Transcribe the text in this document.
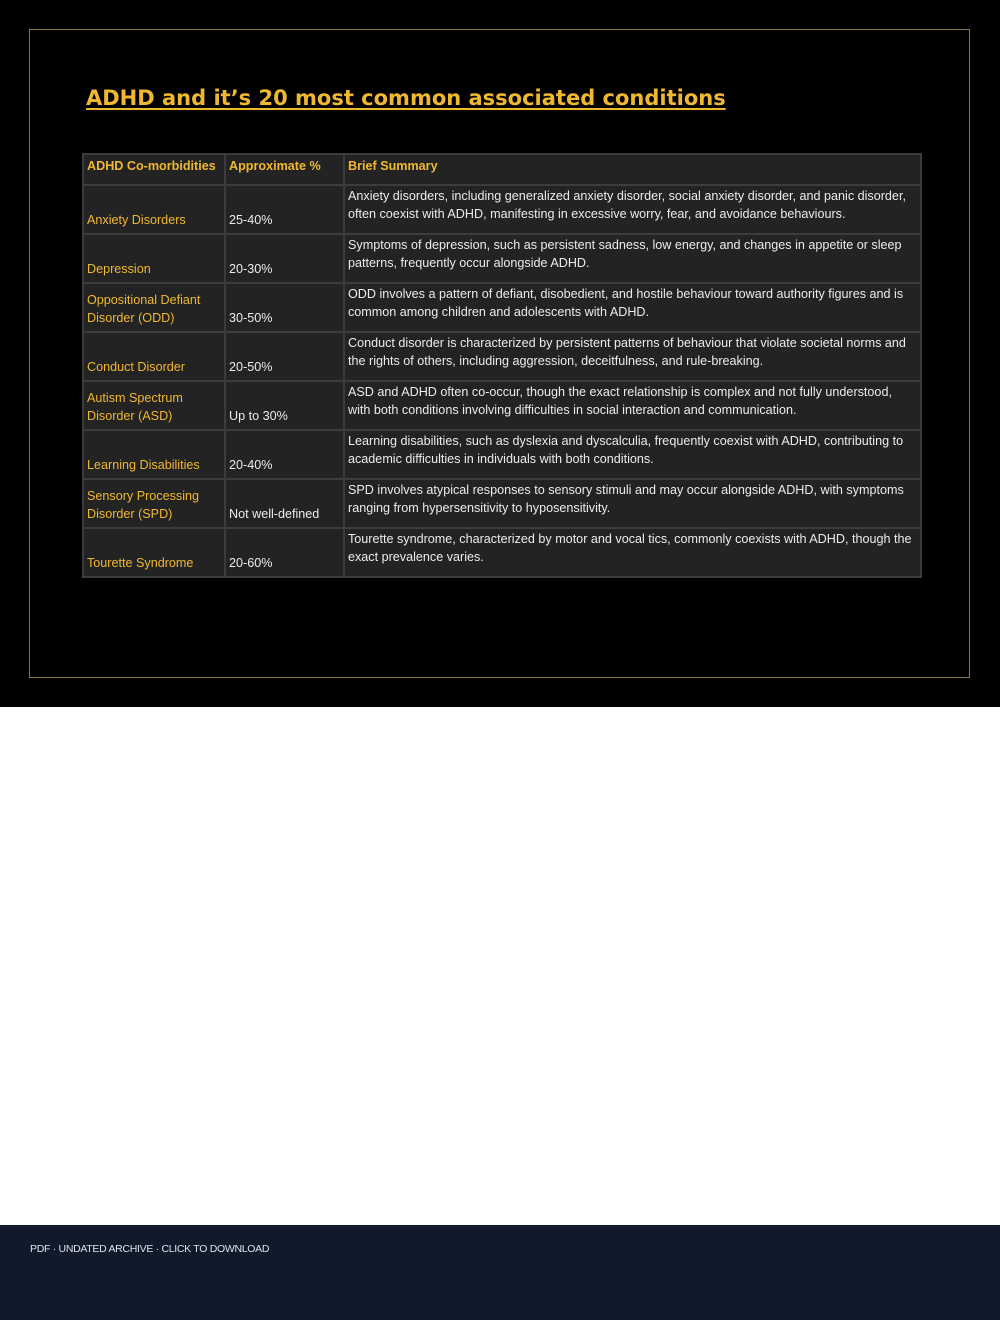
ADHD and it’s 20 most common associated conditions
ADHD Co-morbidities	Approximate %	Brief Summary
Anxiety Disorders	25-40%	Anxiety disorders, including generalized anxiety disorder, social anxiety disorder, and panic disorder, often coexist with ADHD, manifesting in excessive worry, fear, and avoidance behaviours.
Depression	20-30%	Symptoms of depression, such as persistent sadness, low energy, and changes in appetite or sleep patterns, frequently occur alongside ADHD.
Oppositional Defiant Disorder (ODD)	30-50%	ODD involves a pattern of defiant, disobedient, and hostile behaviour toward authority figures and is common among children and adolescents with ADHD.
Conduct Disorder	20-50%	Conduct disorder is characterized by persistent patterns of behaviour that violate societal norms and the rights of others, including aggression, deceitfulness, and rule-breaking.
Autism Spectrum Disorder (ASD)	Up to 30%	ASD and ADHD often co-occur, though the exact relationship is complex and not fully understood, with both conditions involving difficulties in social interaction and communication.
Learning Disabilities	20-40%	Learning disabilities, such as dyslexia and dyscalculia, frequently coexist with ADHD, contributing to academic difficulties in individuals with both conditions.
Sensory Processing Disorder (SPD)	Not well-defined	SPD involves atypical responses to sensory stimuli and may occur alongside ADHD, with symptoms ranging from hypersensitivity to hyposensitivity.
Tourette Syndrome	20-60%	Tourette syndrome, characterized by motor and vocal tics, commonly coexists with ADHD, though the exact prevalence varies.
PDF · UNDATED ARCHIVE · CLICK TO DOWNLOAD
